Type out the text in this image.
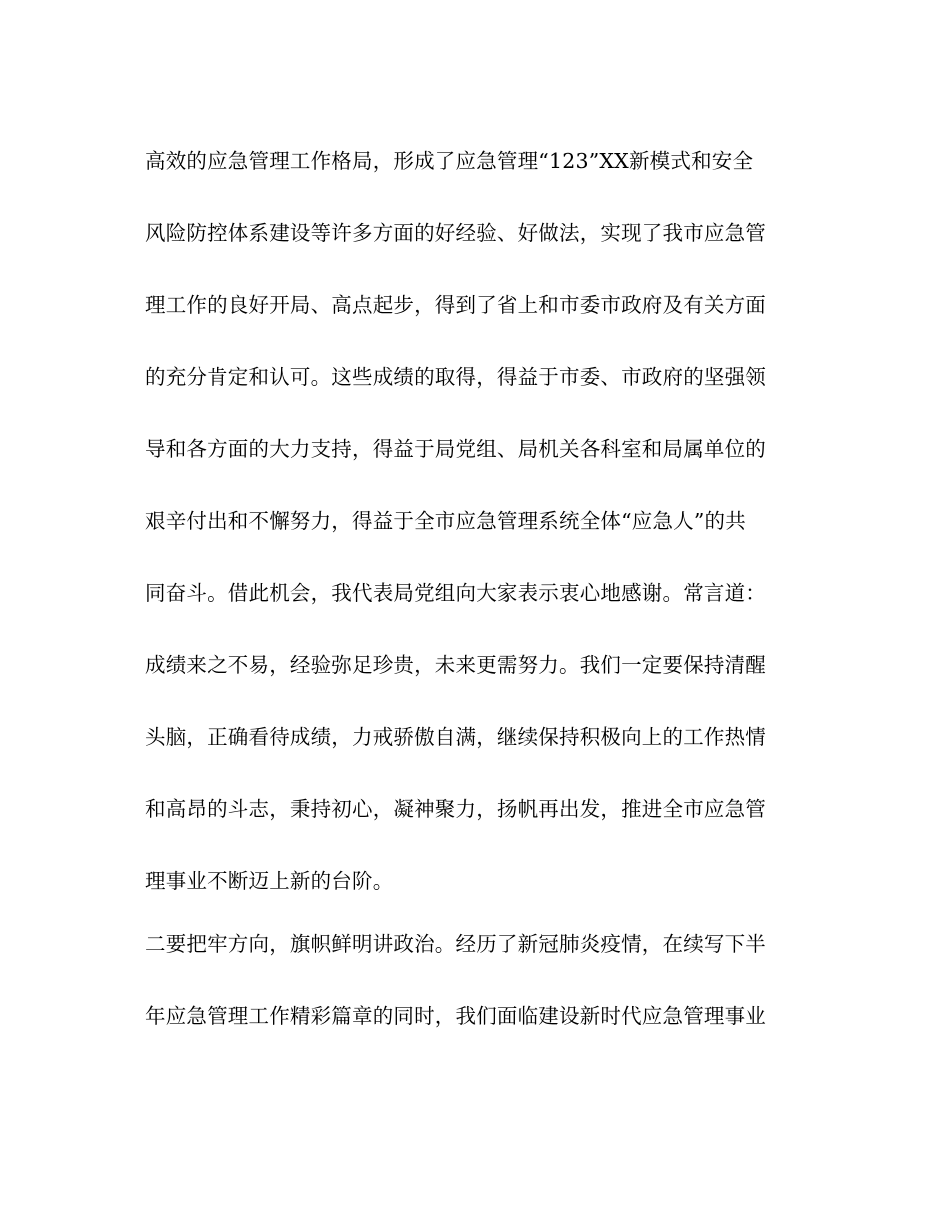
高效的应急管理工作格局，形成了应急管理“123”XX新模式和安全
风险防控体系建设等许多方面的好经验、好做法，实现了我市应急管
理工作的良好开局、高点起步，得到了省上和市委市政府及有关方面
的充分肯定和认可。这些成绩的取得，得益于市委、市政府的坚强领
导和各方面的大力支持，得益于局党组、局机关各科室和局属单位的
艰辛付出和不懈努力，得益于全市应急管理系统全体“应急人”的共
同奋斗。借此机会，我代表局党组向大家表示衷心地感谢。常言道：
成绩来之不易，经验弥足珍贵，未来更需努力。我们一定要保持清醒
头脑，正确看待成绩，力戒骄傲自满，继续保持积极向上的工作热情
和高昂的斗志，秉持初心，凝神聚力，扬帆再出发，推进全市应急管
理事业不断迈上新的台阶。
二要把牢方向，旗帜鲜明讲政治。经历了新冠肺炎疫情，在续写下半
年应急管理工作精彩篇章的同时，我们面临建设新时代应急管理事业
